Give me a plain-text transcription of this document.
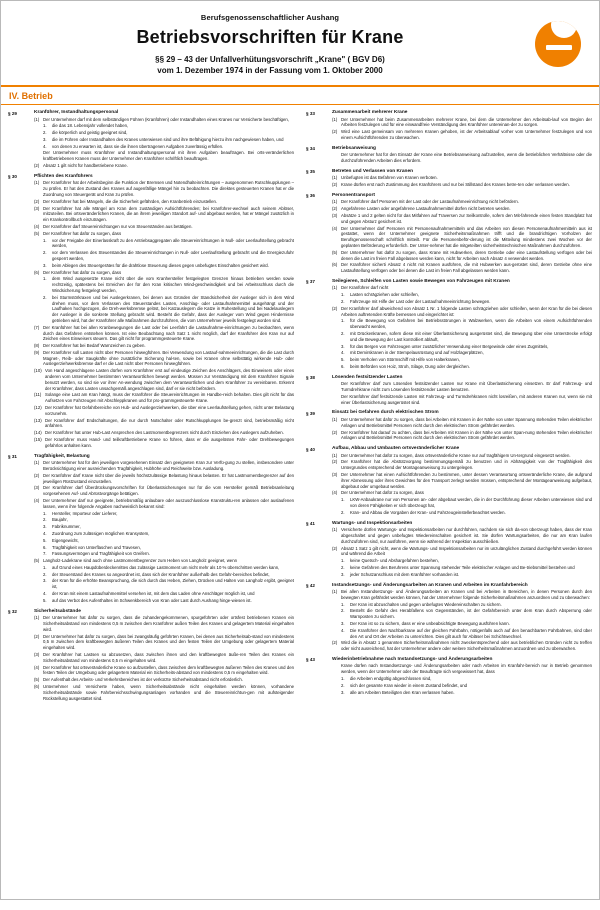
Berufsgenossenschaftlicher Aushang
Betriebsvorschriften für Krane
§§ 29 – 43 der Unfallverhütungsvorschrift „Krane" ( BGV D6)
vom 1. Dezember 1974 in der Fassung vom 1. Oktober 2000
IV. Betrieb
§ 29	Kranführer, Instandhaltungspersonal
(1) Der Unternehmer darf mit dem selbständigen Führen (Kranführen) oder Instandhalten eines Kranes nur Versicherte beschäftigen,
1.	die das 18. Lebensjahr vollendet haben,
2.	die körperlich und geistig geeignet sind,
3.	die im Führen oder Instandhalten des Kranes unterwiesen sind und ihre Befähigung hierzu ihm nachgewiesen haben, und
4.	von denen zu erwarten ist, dass sie die ihnen übertragenen Aufgaben zuverlässig erfüllen.
Der Unternehmer muss Kranführer und Instandhaltungspersonal mit ihren Aufgaben beauftragen. Bei orts-veränderlichen kraftbetriebenen Kranen muss der Unternehmer den Kranführer schriftlich beauftragen.
(2) Absatz 1 gilt nicht für handbetriebene Krane.
§ 30	Pflichten des Kranführers
(1) Der Kranführer hat der Arbeitsbeginn die Funktion der Bremsen und Notendhalteinrichtungen – ausgenommen Rutschkupplungen – zu prüfen. Er hat den Zustand des Kranes auf augenfällige Mängel hin zu beobachten. Die direktes gesteuerten Kranen hat er die Zuordnung von Steuergerät und Kran zu prüfen.
(2) Der Kranführer hat bei Mängeln, die die Sicherheit gefährden, den Kranbetrieb einzustellen.
(3) Der Kranführer hat alle Mängel am Kran dem zuständigen Aufsichtführenden; bei Kranführer-wechsel auch seinem Ablöser, mitzuteilen. Bei ortsveränderlichen Kranen, die an ihrem jeweiligen Standort auf- und abgebaut werden, hat er Mängel zusätzlich in ein Krankontrollbuch einzutragen.
(4) Der Kranführer darf Steuereinrichtungen nur von Steuerständen aus betätigen.
(5) Der Kranführer hat dafür zu sorgen, dass
1.	vor der Freigabe der Einerlasskraft zu den Antriebsaggregaten alle Steuereinrichtungen in Null- oder Leerlaufstellung gebracht werden,
2.	vor dem Verlassen des Steuerstandes die Steuereinrichtungen in Null- oder Leerlaufstellung gebracht und die Energiezufuhr gesperrt werden,
3.	beim Ablegen des Steuergerätes für die drahtlose Steuerung dieses gegen unbefugtes Einschalten gesichert wird.
(6) Der Kranführer hat dafür zu sorgen, dass
1.	dem Wind ausgesetzte Krane nicht über die vom Kranhersteller festgelegten Grenzen hinaus betrieben werden sowie rechtzeitig, spätestens bei Erreichen der für den Kran kritischen Wind-geschwindigkeit und bei Arbeitsschluss durch die Windsicherung festgelegt werden,
2.	bei Sturmstörkraxen und bei Auslegerkranen, bei denen aus Gründen der Standsicherheit der Ausleger sich in dem Wind drehen muss, vor dem Verlassen des Steuerstandes Lasten, Anschlag- oder Lastaufnahmemittel ausgehängt und der Laufhaken hochgezogen, die Dreh-werksbremse gelöst, bei Katzauslegern die Katze in Ruhestellung und bei Nadelauslegern der Ausleger in die sonkrete Stellung gebracht wird. Besteht die Gefahr, dass der Ausleger vom Wind gegen Hindernisse getrieben wird, hat der Kranführer alle Maßnahmen durchzuführen, die vom Unternehmer jeweils festgelegt worden sind.
(7) Der Kranführer hat bei allen Kranbewegungen die Last oder bei Leerfahrt die Lastaufnahme-einrichtungen zu beobachten, wenn durch das Gefahren entstehen können. Ist eine Beobachtung nach Satz 1 nicht möglich, darf der Kranführer den Kran nur auf Zeichen eines Einweisers steuern. Das gilt nicht für programmgesteuerte Krane.
(8) Der Kranführer hat bei Bedarf Warnzeichen zu geben.
(9) Der Kranführer soll Lasten nicht über Personen hinwegführen. Bei Verwendung von Lastauf-nahmeeinrichtungen, die die Last durch Magnet-, Reib- oder Saugkräfte ohne zusätzliche Sicherung hal-ten, sowie bei Kranen ohne selbsttätig wirkende Hub- oder Auslegerziehwerksbremse darf er die Last nicht über Personen hinwegführen.
(10) Von Hand angeschlagene Lasten dürfen vom Kranführer erst auf eindeutige Zeichen des Anschlägers, des Einweisers oder eines anderen vom Unternehmer bestimmten Verantwortlichen bewegt werden. Müssen zur Verständigung mit dem Kranführer Signale benutzt werden, so sind sie vor ihrer An-wendung zwischen dem Verantwortlichen und dem Kranführer zu vereinbaren. Erkennt der Kranführer, dass Lasten unsachgemäß angeschlagen sind, darf er sie nicht befördern.
(11) Solange eine Last am Kran hängt, muss der Kranführer die Steuereinrichtungen im Handbe-reich behalten. Dies gilt nicht für das Aufsetzen von Fahrzeugen mit Abschleppkranen und für pro-grammgesteuerte Krane.
(12) Der Kranführer hat Gefahrbereiche von Hub- und Auslegerziehwerken, die über eine Leerlaufstellung gehen, nicht unter Belastung vorzunehm.
(13) Der Kranführer darf Endschaltungen, die nur durch Notschalter oder Rutschkupplungen be-grenzt sind, betriebsmäßig nicht anfahren.
(14) Der Kranführer hat unter Hub-Last Ansprechen des Lastmomentbegrenzers nicht durch Einziehen des Auslegers aufzuheben.
(15) Der Kranführer muss Hand- und teilkraftbetriebene Krane so führen, dass er die ausgelösten Fahr- oder Drehbewegungen gefahrlos anhalten kann.
§ 31	Tragfähigkeit, Belastung
(1) Der Unternehmer hat für den jeweiligen vorgesehenen Einsatz den geeigneten Kran zur Verfü-gung zu stellen, insbesondere unter Berücksichtigung einer ausreichenden Tragfähigkeit, Hubhöhe und Reichweite bzw. Ausladung.
(2) Der Kranführer darf Krane nicht über die jeweils höchstzulässige Belastung hinaus belasten. Er hat Lastmomentbegrenzer auf den jeweiligen Rüstzustand einzustellen.
(3) Der Kranführer darf Überdrückungsvorschriften für Überlastsicherungen nur für die vom Hersteller gemäß Betriebsanleitung vorgesehenen Auf- und Abrüstvorgänge betätigen.
(4) Der Unternehmer darf nur geeignete, betriebsmäßig anlaubare oder auszuschlusslose Kranstruktu-ren anlassen oder auslaufenen lassen, wenn ihre folgende Angaben nachweislich bekannt sind:
1.	Hersteller, Importeur oder Lieferer,
2.	Baujahr,
3.	Fabriknummer,
4.	Zuordnung zum zulässigen möglichen Kransystem,
5.	Eigengewicht,
6.	Tragfähigkeit von Unterflaschen und Travesen,
7.	Fassungsvermögen und Tragfähigkeit von Greifern.
(5) Langholz-Ladekrane sind auch ohne Lastmomentbegrenzer zum Heben von Langholz geeignet, wenn
1.	auf Grund eines Haupdüberdeckenrittes das zulässige Lastmoment um nicht mehr als 10 % überschritten werden kann,
2.	der Steuerstand des Kranes so angeordnet ist, dass sich der Kranführer außerhalb des Gefahr-bereiches befindet,
3.	der Kran für die erhöhte Beanspruchung, die sich durch das Heben, Ziehen, Drücken und Halten von Langholz ergibt, geeignet ist,
4.	der Kran mit einem Lastaufnahmemittel versehen ist, mit dem das Laden ohne Anschläger möglich ist, und
5.	auf das Verbot des Aufenthaltes im Schwenkbereich von Kran oder Last durch Aushang hinge-wiesen ist.
§ 32	Sicherheitsabstände
(1) Der Unternehmer hat dafür zu sorgen, dass die zuhandengekommenen, spurgeführten oder ortsfest betriebenen Kranen ein Sicherheitsabstand von mindestens 0,5 m zwischen dem Kranführer außen Teilen des Kranes und gelagertem Material eingehalten wird.
(2) Der Unternehmer hat dafür zu sorgen, dass bei zwangsläufig geführten Kranen, bei denen aus Sicherheitsab-stand von mindestens 0,5 m zwischen dem kraftbewegten äußeren Teilen des Kranes und den festen Teilen der Umgebung oder gelagertem Material eingehalten wird.
(3) Der Kranführer hat Lastsen so abzusetzen, dass zwischen ihnen und den kraftbewegten äuße-ren Teilen des Kranes ein Sicherheitsabstand von mindestens 0,5 m eingehalten wird.
(4) Der Kranführer hat ortsveränderliche Krane so aufzustellen, dass zwischen dem kraftbewegten äußeren Teilen des Kranes und den festen Teilen der Umgebung oder gelagertem Material ein Sicherheits-abstand von mindestens 0,5 m eingehalten wird.
(5) Der Aufenthalt des Arbeits- und Verkehrsbereiches ist der verkürzte Sicherheitsabstand nicht erforderlich.
(6) Unternehmer und Versicherte haben, wenn Sicherheitsabstände nicht eingehalten werden können, vorhandene Sicherheitsabstände sowie Fahrbereichsschwingungsanlagen vorhanden und die Steuereinrichtun-gen mit aufsteigender Rückstellung ausgestattet sind.
§ 33	Zusammenarbeit mehrerer Krane
(1) Der Unternehmer hat beim Zusammenarbeiten mehrerer Krane, bei dem die Unternehmer den Arbeitsab-lauf von Beginn der Arbeiten festzulegen und für eine einwandfreie Verständigung des Kranführer untereinan-der zu sorgen.
(2) Wird eine Last gemeinsam von mehreren Kranen gehoben, ist der Arbeitsablauf vorher vom Unternehmer festzulegen und von einem Aufsichtführenden zu überwachen.
§ 34	Betriebsanweisung
Der Unternehmer hat für den Einsatz der Krane eine Betriebsanweisung aufzustellen, wenn die betrieblichen Verhältnisse oder die durchzuführenden Arbeiten dies erfordern.
§ 35	Betreten und Verlassen von Kranen
(1) Unbefugten ist das Befahren von Kranen verboten.
(2) Krane dürfen erst nach Zustimmung des Kranführers und nur bei Stillstand des Kranes betre-ten oder verlassen werden.
§ 36	Personentransport
(1) Der Kranführer darf Personen mit der Last oder der Lastaufnahmeeinrichtung nicht befördern.
(2) Angefahrene Lasten oder angefahrene Lastaufnahmemittel dürfen nicht betreten werden.
(3) Absätze 1 und 2 gelten nicht für das Mitfahren auf Traversen zur Seilkontrolle, sofern den Mit-fahrende einen festen Standplatz hat und gegen Absturz gesichert ist.
(4) Der Unternehmer darf Personen mit Personenaufnahmemitteln und das Arbeiten von diesen Personenaufnahmemitteln aus ist gestattet, wenn der Unternehmer geeignete Sicherheitsmaßnahmen trifft und die brandrichtigen Vorholzen der Berufsgenossenschaft schriftlich mitteilt. Für die Personenbeför-derung ist die Mitteilung mindestens zwei Wochen vor der geplanten Beförderung erforderlich. Der Unter-nehmer hat die mitgeteilten sicherheitstechnischen Maßnahmen durchzuführen.
(5) Der Unternehmer hat dafür zu sorgen, dass Krane mit Hubwerken, deren Getriebe oder eine Lastaufstellung verfügen oder bei denen die Last im freien Fall abgelassen werden kann, nicht für Arbeiten nach Absatz 4 verwendet werden.
(6) Der Kranführer sicherti Absatz 4 nicht mit Kranen ausführen, die mit Hubwerken aus-gerüstet sind, deren Getriebe ohne eine Lastaufstellung verfügen oder bei denen die Last im freien Fall abgelassen werden kann.
§ 37	Seilegieren, Schleifen von Lasten sowie Bewegen von Fahrzeugen mit Kranen
(1) Der Kranführer darf nicht
1.	Lasten schrägziehen oder schleifen,
2.	Fahrzeuge mit Hilfe der Last oder der Lastaufnahmeeinrichtung bewegen.
(2) Der Kranführer darf abweichend von Absatz 1 Nr. 1 folgende Lasten schrägziehen oder schleifen, wenn der Kran für die bei diesen Arbeiten auftretenden Kräfte bemessen und eingerichtet ist:
1.	für die Bewegung von Gefahren bei Betriebsstörungen in Walzwerken, wenn die Arbeiten von einem Aufsichtführenden überwacht werden,
2.	mit Drückenkranen, sofern diese mit einer Überlastsicherung ausgerüstet sind, die Bewegung über eine Unterstrecke erfolgt und die Bewegung der Last kontrolliert abläuft,
3.	für das Bergen von Fahrzeugen unter zusätzlicher Verwendung einer Bergewinde oder eines Zugmittels,
4.	mit Demirskranen in der Stempelausrüstung und auf Holzlagerplätzen,
5.	beim Verholen von Störmschiff mit Hilfe von Halterkranen,
6.	beim Beförden von Hoiz, Stroh, Silage, Dung oder dergleichen.
§ 38	Lösenden festsitzender Lasten
Der Kranführer darf zum Lösenden festsitzender Lasten nur Krane mit Überlastsicherung einsetzen. Er darf Fahrzeug- und Turmdrehkrane nicht zum Lösenden festsitzender Lasten benutzen.
Der Kranführer darf festsitzende Lasten mit Fahrzeug- und Turmdrehkranen nicht losreißen, mit anderen Kranen nur, wenn sie mit einer Überlastsicherung ausgerüstet sind.
§ 39	Einsatz bei Gefahren durch elektrischen Strom
(1) Der Unternehmer hat dafür zu sorgen, dass bei Arbeiten mit Kranen in der Nähe von unter Spannung stehenden Teilen elektrischer Anlagen und Betriebsmittel Personen nicht durch den elektrischen Strom gefährdet werden.
(2) Der Kranführer hat darauf zu achten, dass bei Arbeiten mit Kranen in der Nähe von unter Span-nung stehenden Teilen elektrischer Anlagen und Betriebsmittel Personen nicht durch den elektrischen Strom gefährdet werden.
§ 40	Aufbau, Abbau und Umbauten ortsveränderlicher Krane
(1) Der Unternehmer hat dafür zu sorgen, dass ortsveränderliche Krane nur auf tragfähigem Un-tergrund eingesetzt werden.
(2) Der Kranführer hat die Abstützvorgang bestimmungsgemäß zu benutzen und in Abhängigkeit von der Tragfähigkeit des Untergrundes entsprechend der Montageanweisung zu untergelegen.
(3) Der Unternehmer hat einen Aufsichtführenden zu bestimmen, unter dessen Verantwortung ortsveränderliche Krane, die aufgrund ihrer Abmessung oder ihres Gewichtes für den Transport zerlegt werden müssen, entsprechend der Montageanweisung aufgebaut, abgebaut oder umgebaut werden.
(4) Der Unternehmer hat dafür zu sorgen, dass
1.	LKW-Anbaukrane nur von Personen an- oder abgebaut werden, die in der Durchführung dieser Arbeiten unterwiesen sind und von deren Fähigkeiten er sich überzeugt hat,
2.	Kran- und Abbau die Vorgaben der Kran- und Fahrzeugeinstellerbeachtet werden.
§ 41	Wartungs- und Inspektionsarbeiten
(1) Versicherte dürfen Wartungs- und Inspektionsarbeiten nur durchführen, nachdem sie sich da-von überzeugt haben, dass der Kran abgeschaltet und gegen unbefugtes Wiedereinschalten gesichert ist. Sie dürfen Wartungsarbeiten, die nur am Kran laufen durchzuführen sind, nur ausführen, wenn sie während der Inspektion ausschließen.
(2) Absatz 1 Satz 1 gilt nicht, wenn die Wartungs- und Inspektionsarbeiten nur im unzulänglichen Zustand durchgeführt werden können und während die Arbeit
1.	keine Quetsch- und Abshargefahren bestehen,
2.	keine Gefahren des Beruhrens unter Spannung stehender Teile elektrischer Anlagen und Be-triebsmittel bestehen und
3.	jeder Schutzanschluss mit dem Kranführer vorhanden ist.
§ 42	Instandsetzungs- und Änderungsarbeiten an Kranen und Arbeiten im Kranfahrbereich
(1) Bei allen Instandsetzungs- und Änderungsarbeiten an Kranen und bei Arbeiten in Bereichen, in denen Personen durch den bewegten Kran gefährdet werden können, hat der Unternehmer folgende Sicherheitsmaßnahmen anzuordnen und zu überwachen:
1.	Der Kran ist abzuschalten und gegen unbefugtes Wiedereinschalten zu sichern.
2.	Besteht die Gefahr des Herabfallens von Gegenständen, ist der Gefahrbereich unter dem Kran durch Absperrung oder Warnposten zu sichern.
3.	Der Kran ist so zu sichern, dass er eine unbeabsichtigte Bewegung ausführen kann.
4.	Die Kranführer den Nachbarkrane auf der gleichen Fahrbahn, nötigenfalls auch auf den benachbarten Fahrbahnen, sind über den Art und Ort der Arbeiten zu unterrichten. Dies gilt auch für Abläser bei Schichtwechsel.
(2) Wird die in Absatz 1 genannten Sicherheitsmaßnahmen nicht zweckentsprechend oder aus betrieblichen Gründen nicht zu treffen oder nicht ausreichend, hat der Unternehmer andere oder weitere Sicherheitsmaßnahmen anzuordnen und zu überwachen.
§ 43	Wiederinbetriebnahme nach Instandsetzungs- und Änderungsarbeiten
Krane dürfen nach Instandsetzungs- und Änderungsarbeiten oder nach Arbeiten im Kranfahr-bereich nur in Betrieb genommen werden, wenn der Unternehmer oder der Beauftragte sich vergewissert hat, dass
1.	die Arbeiten endgültig abgeschlossen sind,
2.	sich der gesamte Kran wieder in einem Zustand befindet, und
3.	alle am Arbeiten Beteiligten den Kran verlassen haben.
